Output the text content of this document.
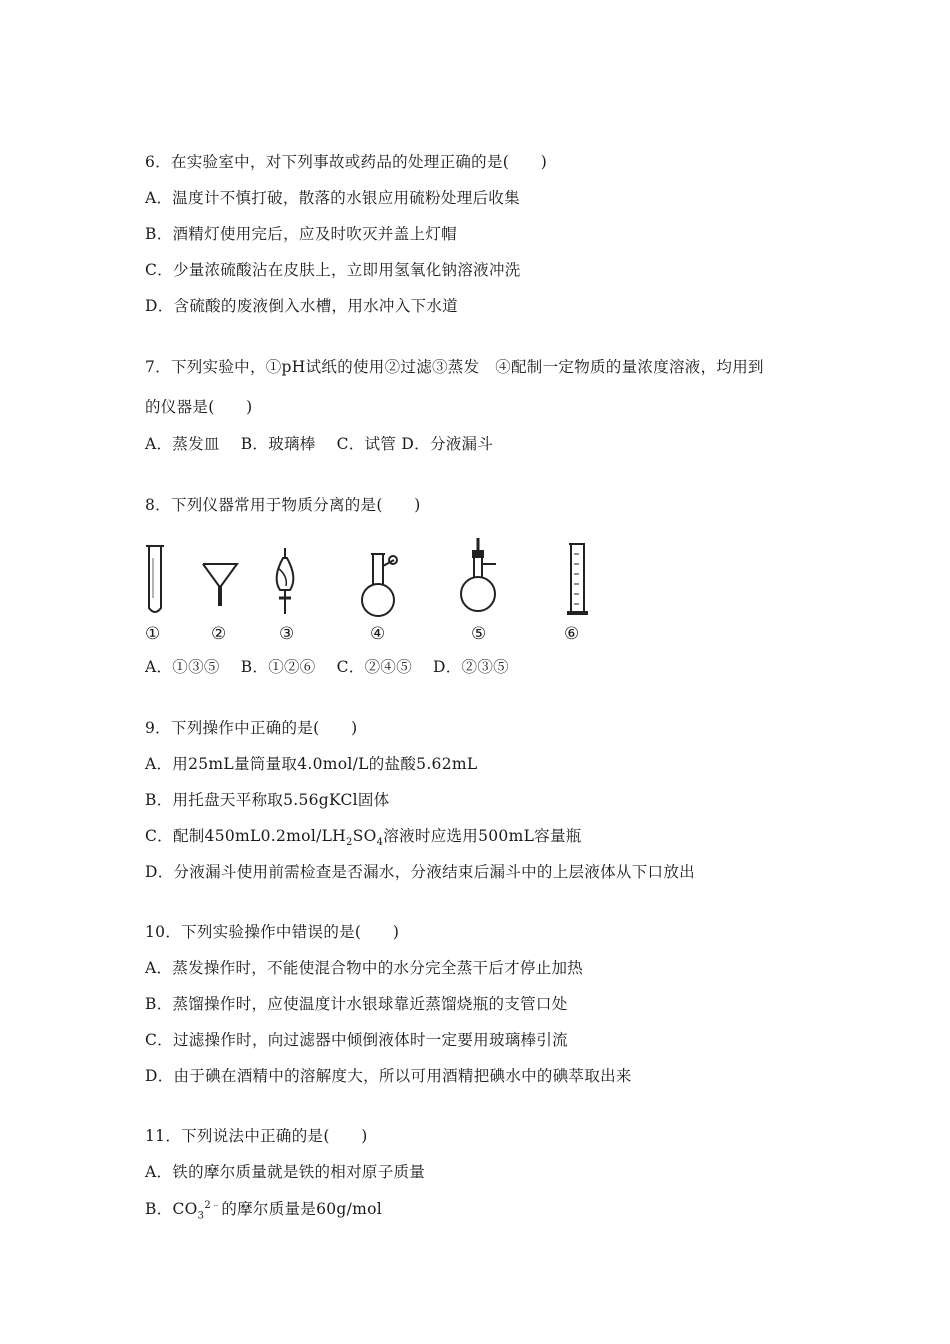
6．在实验室中，对下列事故或药品的处理正确的是(　　)
A．温度计不慎打破，散落的水银应用硫粉处理后收集
B．酒精灯使用完后，应及时吹灭并盖上灯帽
C．少量浓硫酸沾在皮肤上，立即用氢氧化钠溶液冲洗
D．含硫酸的废液倒入水槽，用水冲入下水道
7．下列实验中，①pH试纸的使用②过滤③蒸发　④配制一定物质的量浓度溶液，均用到
的仪器是(　　)
A．蒸发皿　 B．玻璃棒　 C．试管 D．分液漏斗
8．下列仪器常用于物质分离的是(　　)
①	②	③	④	⑤	⑥
A．①③⑤　 B．①②⑥　 C．②④⑤　 D．②③⑤
9．下列操作中正确的是(　　)
A．用25mL量筒量取4.0mol/L的盐酸5.62mL
B．用托盘天平称取5.56gKCl固体
C．配制$450mL0.2mol/LH_2SO_4$溶液时应选用500mL容量瓶
D．分液漏斗使用前需检查是否漏水，分液结束后漏斗中的上层液体从下口放出
10．下列实验操作中错误的是(　　)
A．蒸发操作时，不能使混合物中的水分完全蒸干后才停止加热
B．蒸馏操作时，应使温度计水银球靠近蒸馏烧瓶的支管口处
C．过滤操作时，向过滤器中倾倒液体时一定要用玻璃棒引流
D．由于碘在酒精中的溶解度大，所以可用酒精把碘水中的碘萃取出来
11．下列说法中正确的是(　　)
A．铁的摩尔质量就是铁的相对原子质量
B．$CO_3^{2﹣}$的摩尔质量是60g/mol
